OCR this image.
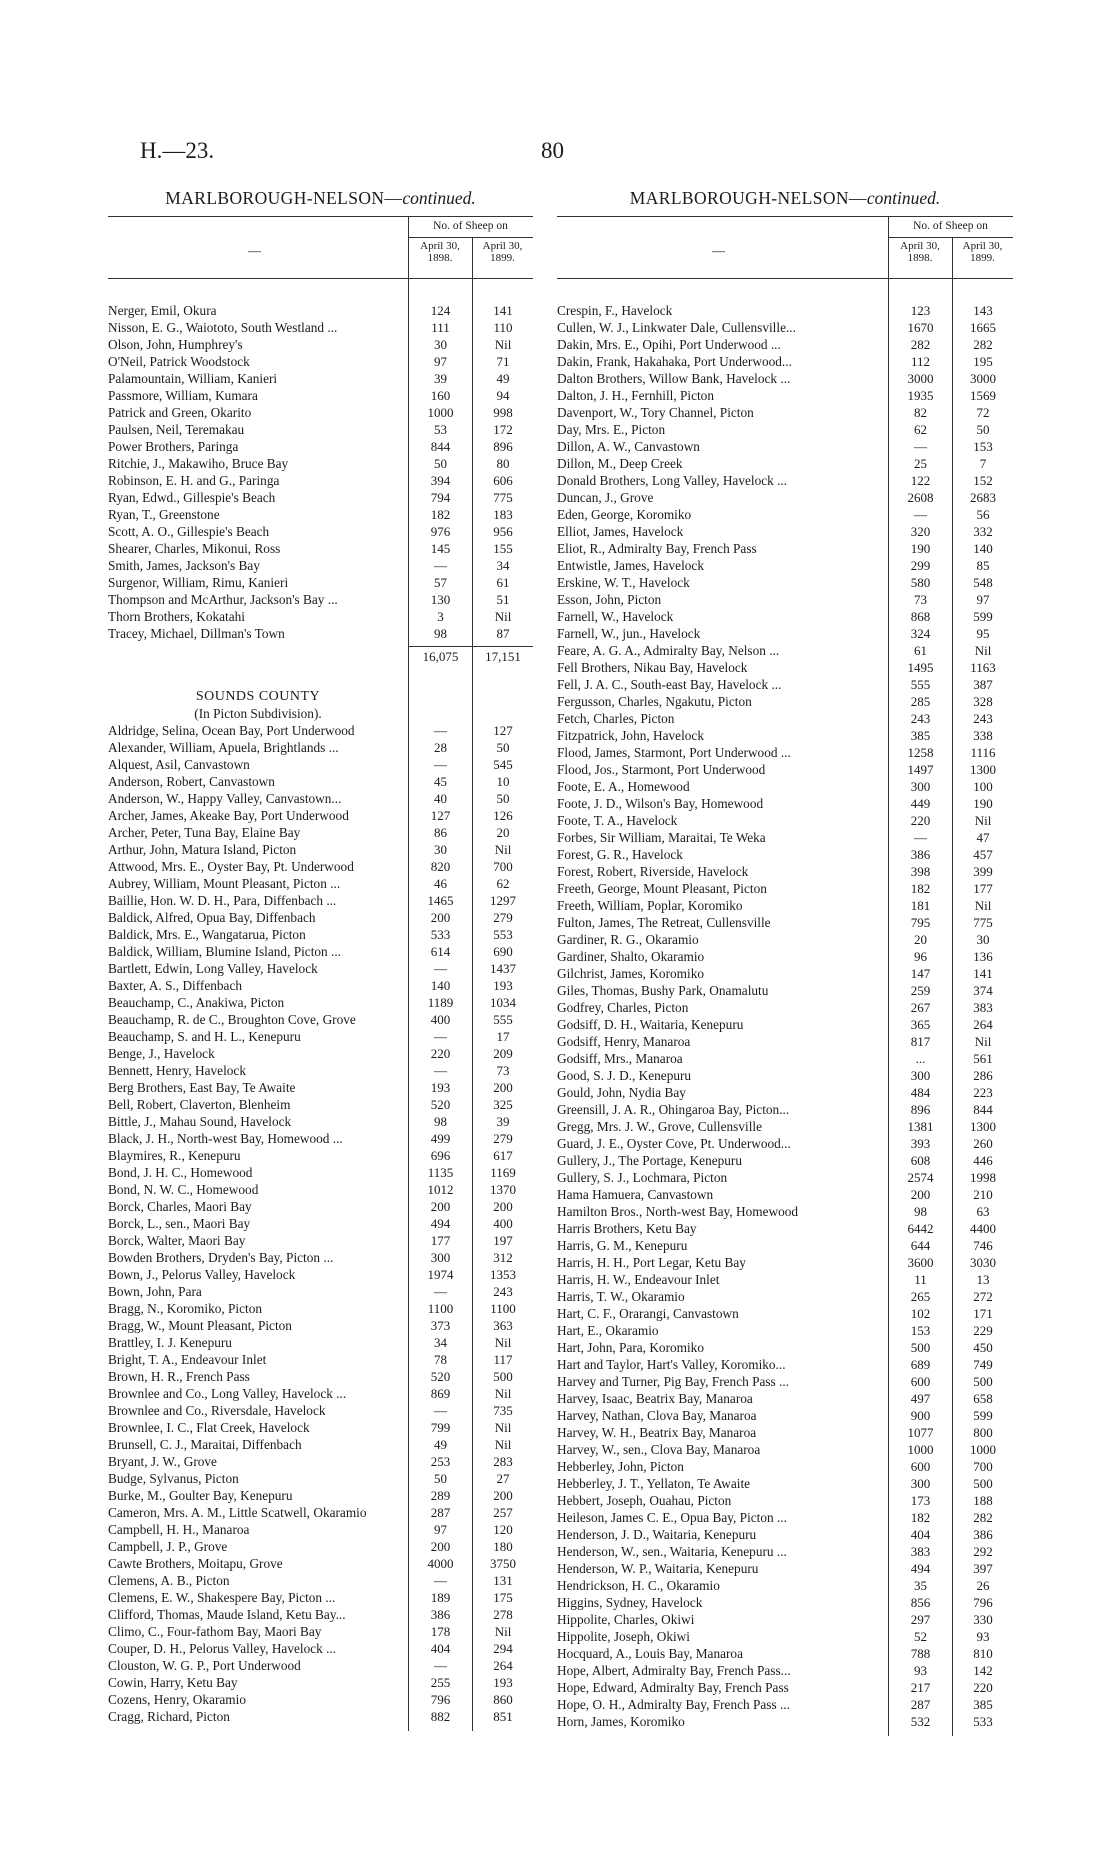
H.—23.	80
MARLBOROUGH-NELSON—continued.
—
No. of Sheep on
April 30,
1898.
April 30,
1899.
Nerger, Emil, Okura	124	141
Nisson, E. G., Waiototo, South Westland ...	111	110
Olson, John, Humphrey's	30	Nil
O'Neil, Patrick Woodstock	97	71
Palamountain, William, Kanieri	39	49
Passmore, William, Kumara	160	94
Patrick and Green, Okarito	1000	998
Paulsen, Neil, Teremakau	53	172
Power Brothers, Paringa	844	896
Ritchie, J., Makawiho, Bruce Bay	50	80
Robinson, E. H. and G., Paringa	394	606
Ryan, Edwd., Gillespie's Beach	794	775
Ryan, T., Greenstone	182	183
Scott, A. O., Gillespie's Beach	976	956
Shearer, Charles, Mikonui, Ross	145	155
Smith, James, Jackson's Bay	—	34
Surgenor, William, Rimu, Kanieri	57	61
Thompson and McArthur, Jackson's Bay ...	130	51
Thorn Brothers, Kokatahi	3	Nil
Tracey, Michael, Dillman's Town	98	87
16,075	17,151
SOUNDS COUNTY
(In Picton Subdivision).
Aldridge, Selina, Ocean Bay, Port Underwood	—	127
Alexander, William, Apuela, Brightlands ...	28	50
Alquest, Asil, Canvastown	—	545
Anderson, Robert, Canvastown	45	10
Anderson, W., Happy Valley, Canvastown...	40	50
Archer, James, Akeake Bay, Port Underwood	127	126
Archer, Peter, Tuna Bay, Elaine Bay	86	20
Arthur, John, Matura Island, Picton	30	Nil
Attwood, Mrs. E., Oyster Bay, Pt. Underwood	820	700
Aubrey, William, Mount Pleasant, Picton ...	46	62
Baillie, Hon. W. D. H., Para, Diffenbach ...	1465	1297
Baldick, Alfred, Opua Bay, Diffenbach	200	279
Baldick, Mrs. E., Wangatarua, Picton	533	553
Baldick, William, Blumine Island, Picton ...	614	690
Bartlett, Edwin, Long Valley, Havelock	—	1437
Baxter, A. S., Diffenbach	140	193
Beauchamp, C., Anakiwa, Picton	1189	1034
Beauchamp, R. de C., Broughton Cove, Grove	400	555
Beauchamp, S. and H. L., Kenepuru	—	17
Benge, J., Havelock	220	209
Bennett, Henry, Havelock	—	73
Berg Brothers, East Bay, Te Awaite	193	200
Bell, Robert, Claverton, Blenheim	520	325
Bittle, J., Mahau Sound, Havelock	98	39
Black, J. H., North-west Bay, Homewood ...	499	279
Blaymires, R., Kenepuru	696	617
Bond, J. H. C., Homewood	1135	1169
Bond, N. W. C., Homewood	1012	1370
Borck, Charles, Maori Bay	200	200
Borck, L., sen., Maori Bay	494	400
Borck, Walter, Maori Bay	177	197
Bowden Brothers, Dryden's Bay, Picton ...	300	312
Bown, J., Pelorus Valley, Havelock	1974	1353
Bown, John, Para	—	243
Bragg, N., Koromiko, Picton	1100	1100
Bragg, W., Mount Pleasant, Picton	373	363
Brattley, I. J. Kenepuru	34	Nil
Bright, T. A., Endeavour Inlet	78	117
Brown, H. R., French Pass	520	500
Brownlee and Co., Long Valley, Havelock ...	869	Nil
Brownlee and Co., Riversdale, Havelock	—	735
Brownlee, I. C., Flat Creek, Havelock	799	Nil
Brunsell, C. J., Maraitai, Diffenbach	49	Nil
Bryant, J. W., Grove	253	283
Budge, Sylvanus, Picton	50	27
Burke, M., Goulter Bay, Kenepuru	289	200
Cameron, Mrs. A. M., Little Scatwell, Okaramio	287	257
Campbell, H. H., Manaroa	97	120
Campbell, J. P., Grove	200	180
Cawte Brothers, Moitapu, Grove	4000	3750
Clemens, A. B., Picton	—	131
Clemens, E. W., Shakespere Bay, Picton ...	189	175
Clifford, Thomas, Maude Island, Ketu Bay...	386	278
Climo, C., Four-fathom Bay, Maori Bay	178	Nil
Couper, D. H., Pelorus Valley, Havelock ...	404	294
Clouston, W. G. P., Port Underwood	—	264
Cowin, Harry, Ketu Bay	255	193
Cozens, Henry, Okaramio	796	860
Cragg, Richard, Picton	882	851
MARLBOROUGH-NELSON—continued.
—
No. of Sheep on
April 30,
1898.
April 30,
1899.
Crespin, F., Havelock	123	143
Cullen, W. J., Linkwater Dale, Cullensville...	1670	1665
Dakin, Mrs. E., Opihi, Port Underwood ...	282	282
Dakin, Frank, Hakahaka, Port Underwood...	112	195
Dalton Brothers, Willow Bank, Havelock ...	3000	3000
Dalton, J. H., Fernhill, Picton	1935	1569
Davenport, W., Tory Channel, Picton	82	72
Day, Mrs. E., Picton	62	50
Dillon, A. W., Canvastown	—	153
Dillon, M., Deep Creek	25	7
Donald Brothers, Long Valley, Havelock ...	122	152
Duncan, J., Grove	2608	2683
Eden, George, Koromiko	—	56
Elliot, James, Havelock	320	332
Eliot, R., Admiralty Bay, French Pass	190	140
Entwistle, James, Havelock	299	85
Erskine, W. T., Havelock	580	548
Esson, John, Picton	73	97
Farnell, W., Havelock	868	599
Farnell, W., jun., Havelock	324	95
Feare, A. G. A., Admiralty Bay, Nelson ...	61	Nil
Fell Brothers, Nikau Bay, Havelock	1495	1163
Fell, J. A. C., South-east Bay, Havelock ...	555	387
Fergusson, Charles, Ngakutu, Picton	285	328
Fetch, Charles, Picton	243	243
Fitzpatrick, John, Havelock	385	338
Flood, James, Starmont, Port Underwood ...	1258	1116
Flood, Jos., Starmont, Port Underwood	1497	1300
Foote, E. A., Homewood	300	100
Foote, J. D., Wilson's Bay, Homewood	449	190
Foote, T. A., Havelock	220	Nil
Forbes, Sir William, Maraitai, Te Weka	—	47
Forest, G. R., Havelock	386	457
Forest, Robert, Riverside, Havelock	398	399
Freeth, George, Mount Pleasant, Picton	182	177
Freeth, William, Poplar, Koromiko	181	Nil
Fulton, James, The Retreat, Cullensville	795	775
Gardiner, R. G., Okaramio	20	30
Gardiner, Shalto, Okaramio	96	136
Gilchrist, James, Koromiko	147	141
Giles, Thomas, Bushy Park, Onamalutu	259	374
Godfrey, Charles, Picton	267	383
Godsiff, D. H., Waitaria, Kenepuru	365	264
Godsiff, Henry, Manaroa	817	Nil
Godsiff, Mrs., Manaroa	...	561
Good, S. J. D., Kenepuru	300	286
Gould, John, Nydia Bay	484	223
Greensill, J. A. R., Ohingaroa Bay, Picton...	896	844
Gregg, Mrs. J. W., Grove, Cullensville	1381	1300
Guard, J. E., Oyster Cove, Pt. Underwood...	393	260
Gullery, J., The Portage, Kenepuru	608	446
Gullery, S. J., Lochmara, Picton	2574	1998
Hama Hamuera, Canvastown	200	210
Hamilton Bros., North-west Bay, Homewood	98	63
Harris Brothers, Ketu Bay	6442	4400
Harris, G. M., Kenepuru	644	746
Harris, H. H., Port Legar, Ketu Bay	3600	3030
Harris, H. W., Endeavour Inlet	11	13
Harris, T. W., Okaramio	265	272
Hart, C. F., Orarangi, Canvastown	102	171
Hart, E., Okaramio	153	229
Hart, John, Para, Koromiko	500	450
Hart and Taylor, Hart's Valley, Koromiko...	689	749
Harvey and Turner, Pig Bay, French Pass ...	600	500
Harvey, Isaac, Beatrix Bay, Manaroa	497	658
Harvey, Nathan, Clova Bay, Manaroa	900	599
Harvey, W. H., Beatrix Bay, Manaroa	1077	800
Harvey, W., sen., Clova Bay, Manaroa	1000	1000
Hebberley, John, Picton	600	700
Hebberley, J. T., Yellaton, Te Awaite	300	500
Hebbert, Joseph, Ouahau, Picton	173	188
Heileson, James C. E., Opua Bay, Picton ...	182	282
Henderson, J. D., Waitaria, Kenepuru	404	386
Henderson, W., sen., Waitaria, Kenepuru ...	383	292
Henderson, W. P., Waitaria, Kenepuru	494	397
Hendrickson, H. C., Okaramio	35	26
Higgins, Sydney, Havelock	856	796
Hippolite, Charles, Okiwi	297	330
Hippolite, Joseph, Okiwi	52	93
Hocquard, A., Louis Bay, Manaroa	788	810
Hope, Albert, Admiralty Bay, French Pass...	93	142
Hope, Edward, Admiralty Bay, French Pass	217	220
Hope, O. H., Admiralty Bay, French Pass ...	287	385
Horn, James, Koromiko	532	533
